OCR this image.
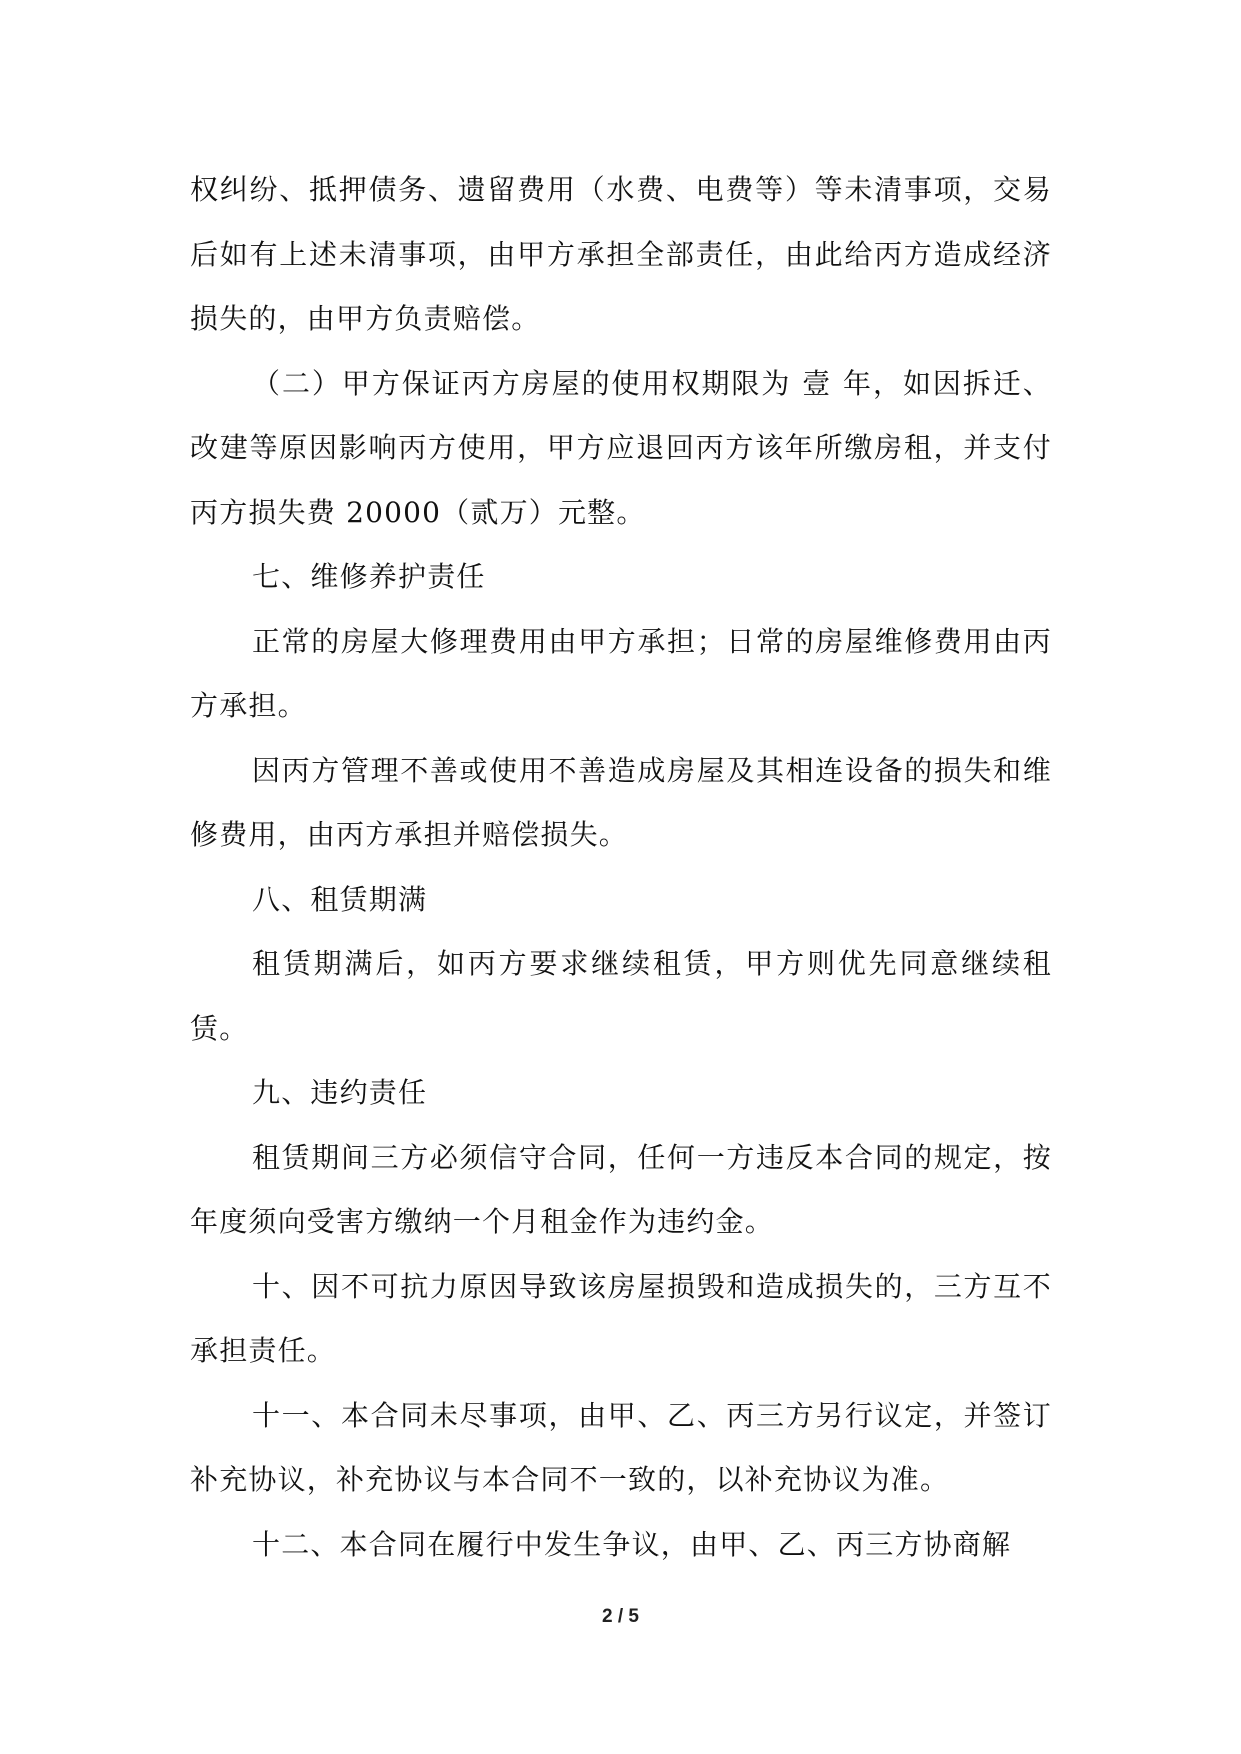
权纠纷、抵押债务、遗留费用（水费、电费等）等未清事项，交易后如有上述未清事项，由甲方承担全部责任，由此给丙方造成经济损失的，由甲方负责赔偿。

（二）甲方保证丙方房屋的使用权期限为 壹 年，如因拆迁、改建等原因影响丙方使用，甲方应退回丙方该年所缴房租，并支付丙方损失费 20000（贰万）元整。

七、维修养护责任

正常的房屋大修理费用由甲方承担；日常的房屋维修费用由丙方承担。

因丙方管理不善或使用不善造成房屋及其相连设备的损失和维修费用，由丙方承担并赔偿损失。

八、租赁期满

租赁期满后，如丙方要求继续租赁，甲方则优先同意继续租赁。

九、违约责任

租赁期间三方必须信守合同，任何一方违反本合同的规定，按年度须向受害方缴纳一个月租金作为违约金。

十、因不可抗力原因导致该房屋损毁和造成损失的，三方互不承担责任。

十一、本合同未尽事项，由甲、乙、丙三方另行议定，并签订补充协议，补充协议与本合同不一致的，以补充协议为准。

十二、本合同在履行中发生争议，由甲、乙、丙三方协商解

2 / 5
